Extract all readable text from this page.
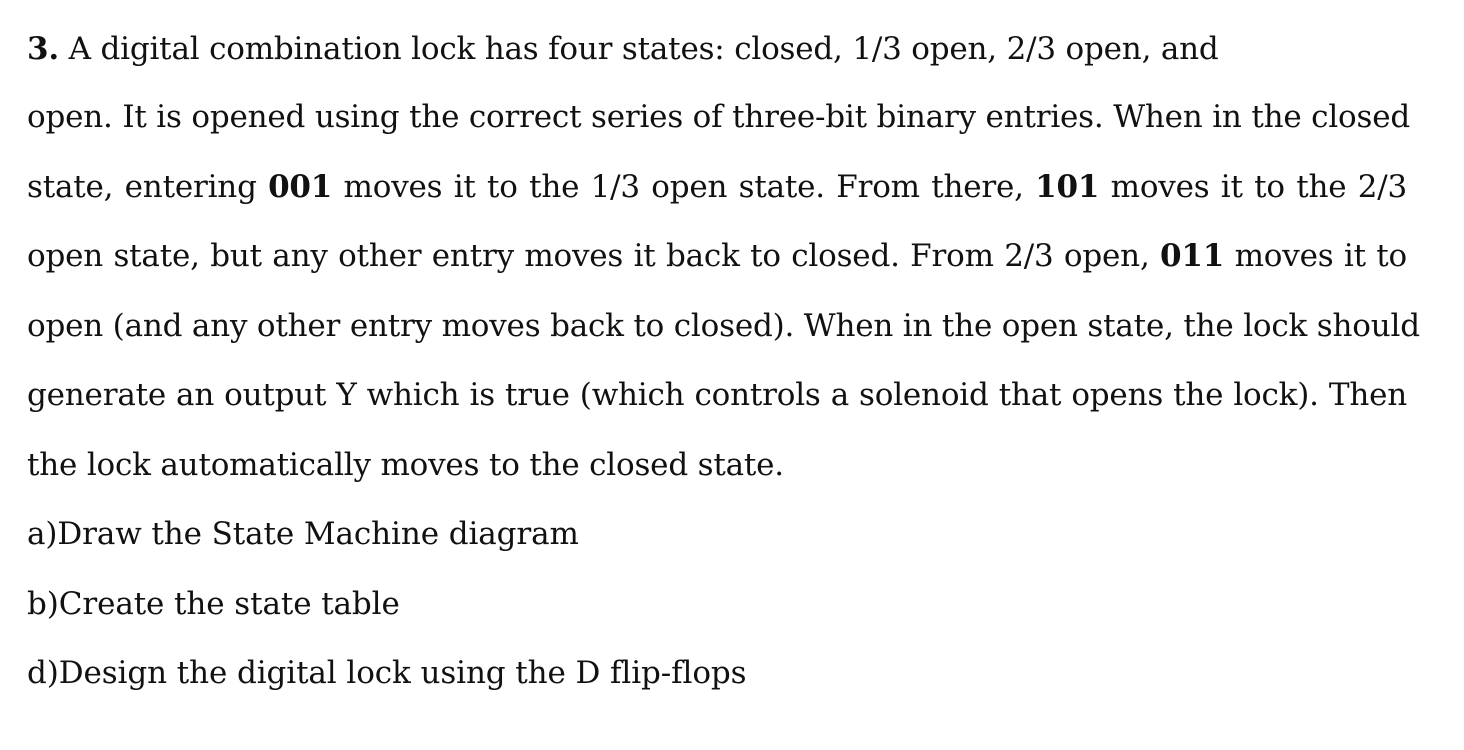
3. A digital combination lock has four states: closed, 1/3 open, 2/3 open, and
open. It is opened using the correct series of three-bit binary entries. When in the closed
state, entering 001 moves it to the 1/3 open state. From there, 101 moves it to the 2/3
open state, but any other entry moves it back to closed. From 2/3 open, 011 moves it to
open (and any other entry moves back to closed). When in the open state, the lock should
generate an output Y which is true (which controls a solenoid that opens the lock). Then
the lock automatically moves to the closed state.
a)Draw the State Machine diagram
b)Create the state table
d)Design the digital lock using the D flip-flops
